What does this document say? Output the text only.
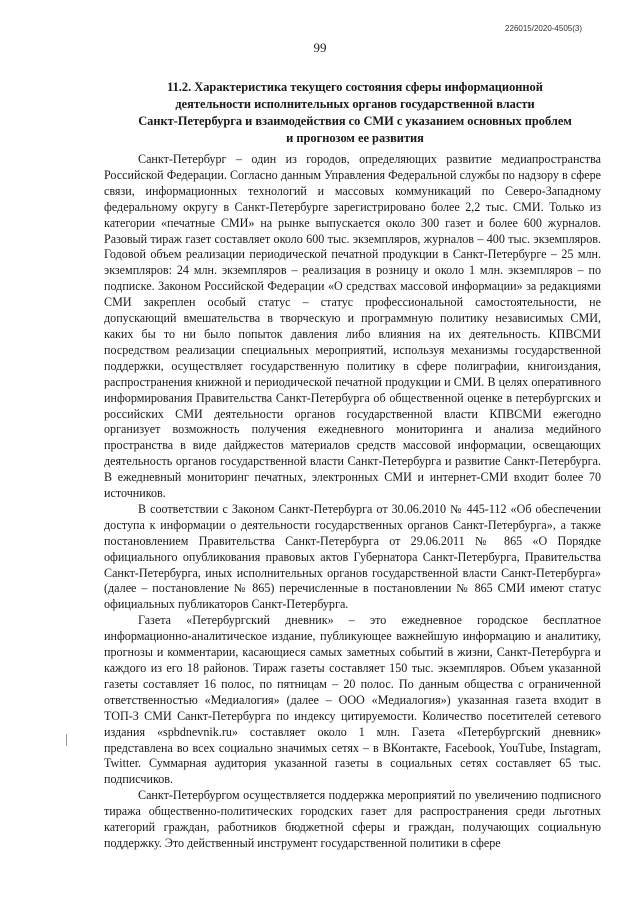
226015/2020-4505(3)
99
11.2. Характеристика текущего состояния сферы информационной
деятельности исполнительных органов государственной власти
Санкт-Петербурга и взаимодействия со СМИ с указанием основных проблем
и прогнозом ее развития

Санкт-Петербург – один из городов, определяющих развитие медиапространства Российской Федерации. Согласно данным Управления Федеральной службы по надзору в сфере связи, информационных технологий и массовых коммуникаций по Северо-Западному федеральному округу в Санкт-Петербурге зарегистрировано более 2,2 тыс. СМИ. Только из категории «печатные СМИ» на рынке выпускается около 300 газет и более 600 журналов. Разовый тираж газет составляет около 600 тыс. экземпляров, журналов – 400 тыс. экземпляров. Годовой объем реализации периодической печатной продукции в Санкт-Петербурге – 25 млн. экземпляров: 24 млн. экземпляров – реализация в розницу и около 1 млн. экземпляров – по подписке. Законом Российской Федерации «О средствах массовой информации» за редакциями СМИ закреплен особый статус – статус профессиональной самостоятельности, не допускающий вмешательства в творческую и программную политику независимых СМИ, каких бы то ни было попыток давления либо влияния на их деятельность. КПВСМИ посредством реализации специальных мероприятий, используя механизмы государственной поддержки, осуществляет государственную политику в сфере полиграфии, книгоиздания, распространения книжной и периодической печатной продукции и СМИ. В целях оперативного информирования Правительства Санкт-Петербурга об общественной оценке в петербургских и российских СМИ деятельности органов государственной власти КПВСМИ ежегодно организует возможность получения ежедневного мониторинга и анализа медийного пространства в виде дайджестов материалов средств массовой информации, освещающих деятельность органов государственной власти Санкт-Петербурга и развитие Санкт-Петербурга. В ежедневный мониторинг печатных, электронных СМИ и интернет-СМИ входит более 70 источников.

В соответствии с Законом Санкт-Петербурга от 30.06.2010 № 445-112 «Об обеспечении доступа к информации о деятельности государственных органов Санкт-Петербурга», а также постановлением Правительства Санкт-Петербурга от 29.06.2011 № 865 «О Порядке официального опубликования правовых актов Губернатора Санкт-Петербурга, Правительства Санкт-Петербурга, иных исполнительных органов государственной власти Санкт-Петербурга» (далее – постановление № 865) перечисленные в постановлении № 865 СМИ имеют статус официальных публикаторов Санкт-Петербурга.

Газета «Петербургский дневник» – это ежедневное городское бесплатное информационно-аналитическое издание, публикующее важнейшую информацию и аналитику, прогнозы и комментарии, касающиеся самых заметных событий в жизни, Санкт-Петербурга и каждого из его 18 районов. Тираж газеты составляет 150 тыс. экземпляров. Объем указанной газеты составляет 16 полос, по пятницам – 20 полос. По данным общества с ограниченной ответственностью «Медиалогия» (далее – ООО «Медиалогия») указанная газета входит в ТОП-3 СМИ Санкт-Петербурга по индексу цитируемости. Количество посетителей сетевого издания «spbdnevnik.ru» составляет около 1 млн. Газета «Петербургский дневник» представлена во всех социально значимых сетях – в ВКонтакте, Facebook, YouTube, Instagram, Twitter. Суммарная аудитория указанной газеты в социальных сетях составляет 65 тыс. подписчиков.

Санкт-Петербургом осуществляется поддержка мероприятий по увеличению подписного тиража общественно-политических городских газет для распространения среди льготных категорий граждан, работников бюджетной сферы и граждан, получающих социальную поддержку. Это действенный инструмент государственной политики в сфере
